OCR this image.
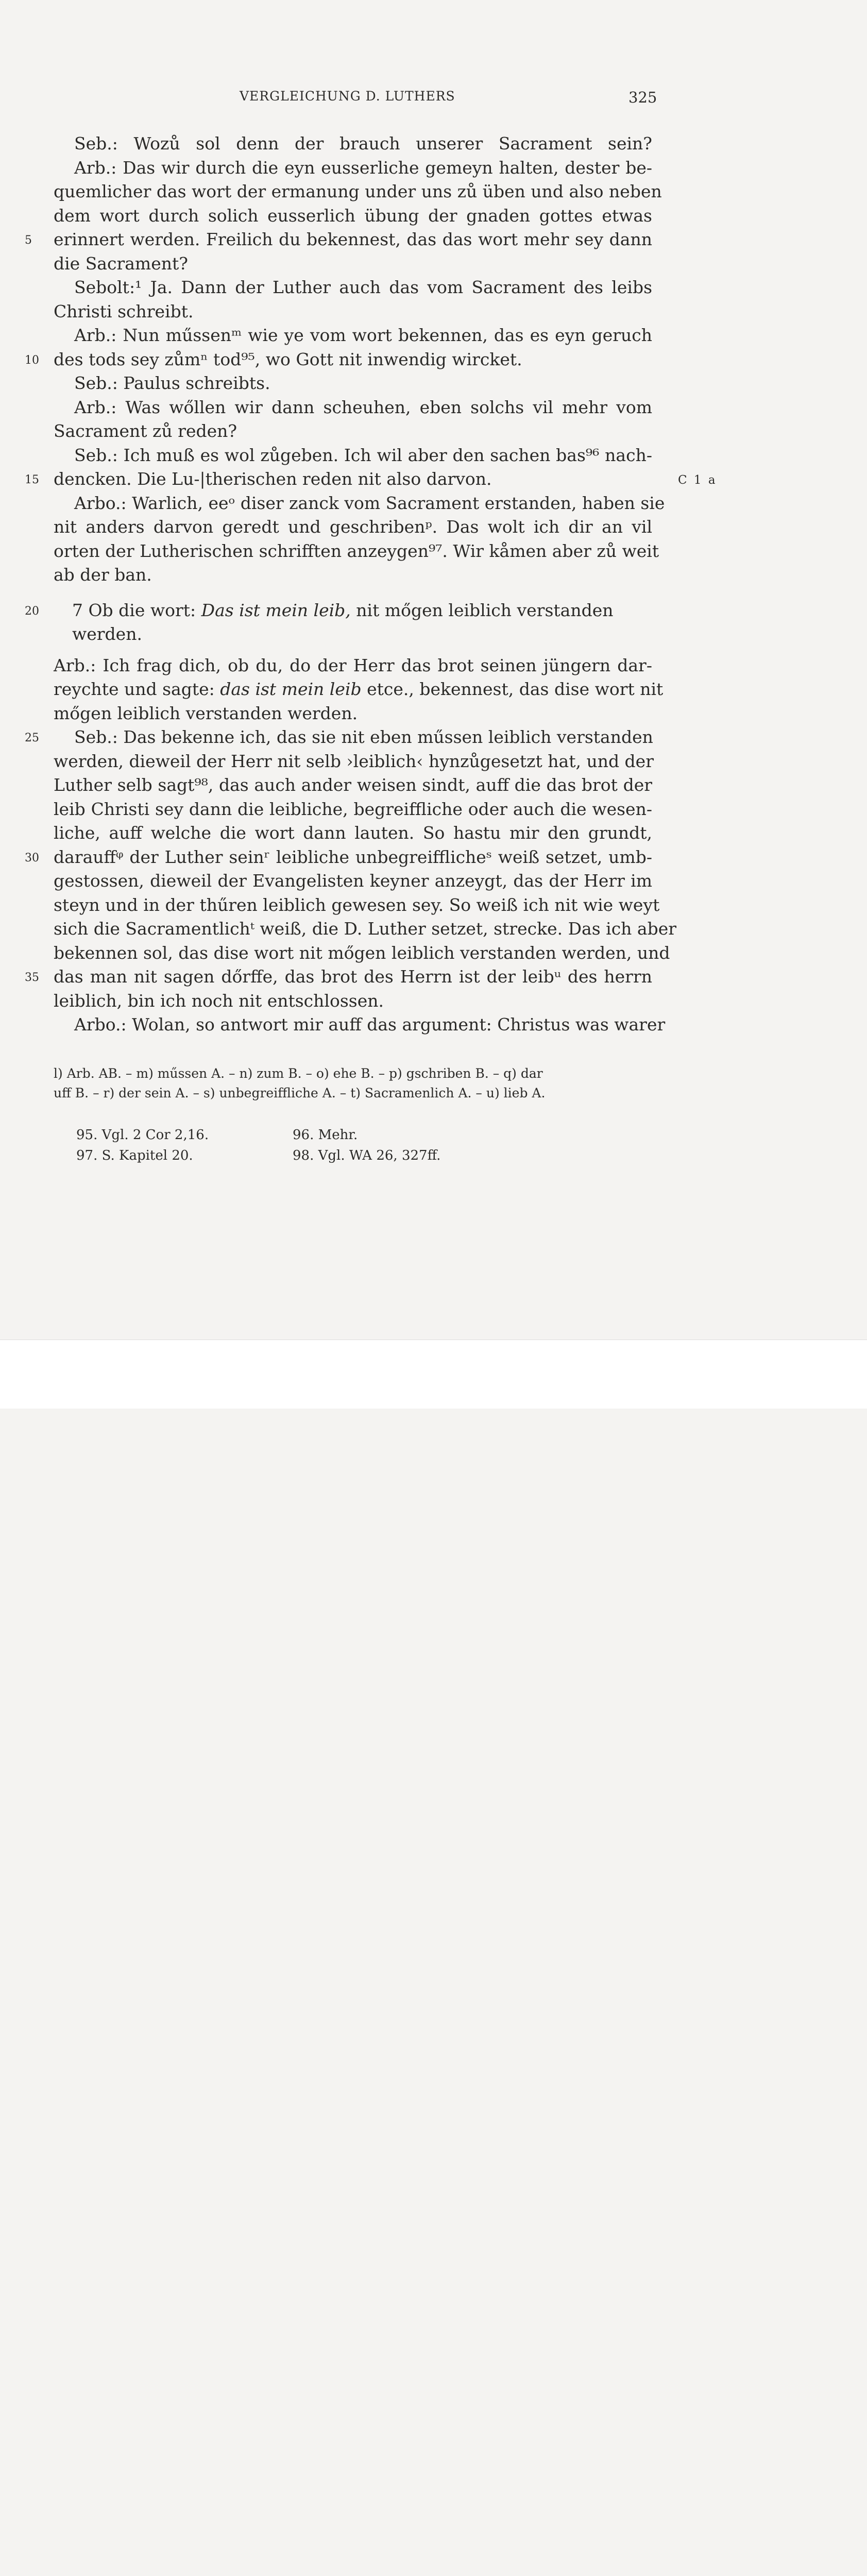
VERGLEICHUNG D. LUTHERS	325
Seb.: Wozů sol denn der brauch unserer Sacrament sein?
Arb.: Das wir durch die eyn eusserliche gemeyn halten, dester be-
quemlicher das wort der ermanung under uns zů üben und also neben
dem wort durch solich eusserlich übung der gnaden gottes etwas
5	erinnert werden. Freilich du bekennest, das das wort mehr sey dann
die Sacrament?
Sebolt:¹ Ja. Dann der Luther auch das vom Sacrament des leibs
Christi schreibt.
Arb.: Nun műssenᵐ wie ye vom wort bekennen, das es eyn geruch
10 des tods sey zůmⁿ tod⁹⁵, wo Gott nit inwendig wircket.
Seb.: Paulus schreibts.
Arb.: Was wőllen wir dann scheuhen, eben solchs vil mehr vom
Sacrament zů reden?
Seb.: Ich muß es wol zůgeben. Ich wil aber den sachen bas⁹⁶ nach-
15 dencken. Die Lu-|therischen reden nit also darvon.	C 1 a
Arbo.: Warlich, eeᵒ diser zanck vom Sacrament erstanden, haben sie
nit anders darvon geredt und geschribenᵖ. Das wolt ich dir an vil
orten der Lutherischen schrifften anzeygen⁹⁷. Wir kåmen aber zů weit
ab der ban.
20	7 Ob die wort: Das ist mein leib, nit mőgen leiblich verstanden
werden.
Arb.: Ich frag dich, ob du, do der Herr das brot seinen jüngern dar-
reychte und sagte: das ist mein leib etce., bekennest, das dise wort nit
mőgen leiblich verstanden werden.
25	Seb.: Das bekenne ich, das sie nit eben műssen leiblich verstanden
werden, dieweil der Herr nit selb ›leiblich‹ hynzůgesetzt hat, und der
Luther selb sagt⁹⁸, das auch ander weisen sindt, auff die das brot der
leib Christi sey dann die leibliche, begreiffliche oder auch die wesen-
liche, auff welche die wort dann lauten. So hastu mir den grundt,
30 darauffᵠ der Luther seinʳ leibliche unbegreifflicheˢ weiß setzet, umb-
gestossen, dieweil der Evangelisten keyner anzeygt, das der Herr im
steyn und in der thűren leiblich gewesen sey. So weiß ich nit wie weyt
sich die Sacramentlichᵗ weiß, die D. Luther setzet, strecke. Das ich aber
bekennen sol, das dise wort nit mőgen leiblich verstanden werden, und
35 das man nit sagen dőrffe, das brot des Herrn ist der leibᵘ des herrn
leiblich, bin ich noch nit entschlossen.
Arbo.: Wolan, so antwort mir auff das argument: Christus was warer
l) Arb. AB. – m) műssen A. – n) zum B. – o) ehe B. – p) gschriben B. – q) dar
uff B. – r) der sein A. – s) unbegreiffliche A. – t) Sacramenlich A. – u) lieb A.
95. Vgl. 2 Cor 2,16.	96. Mehr.
97. S. Kapitel 20.	98. Vgl. WA 26, 327ff.
